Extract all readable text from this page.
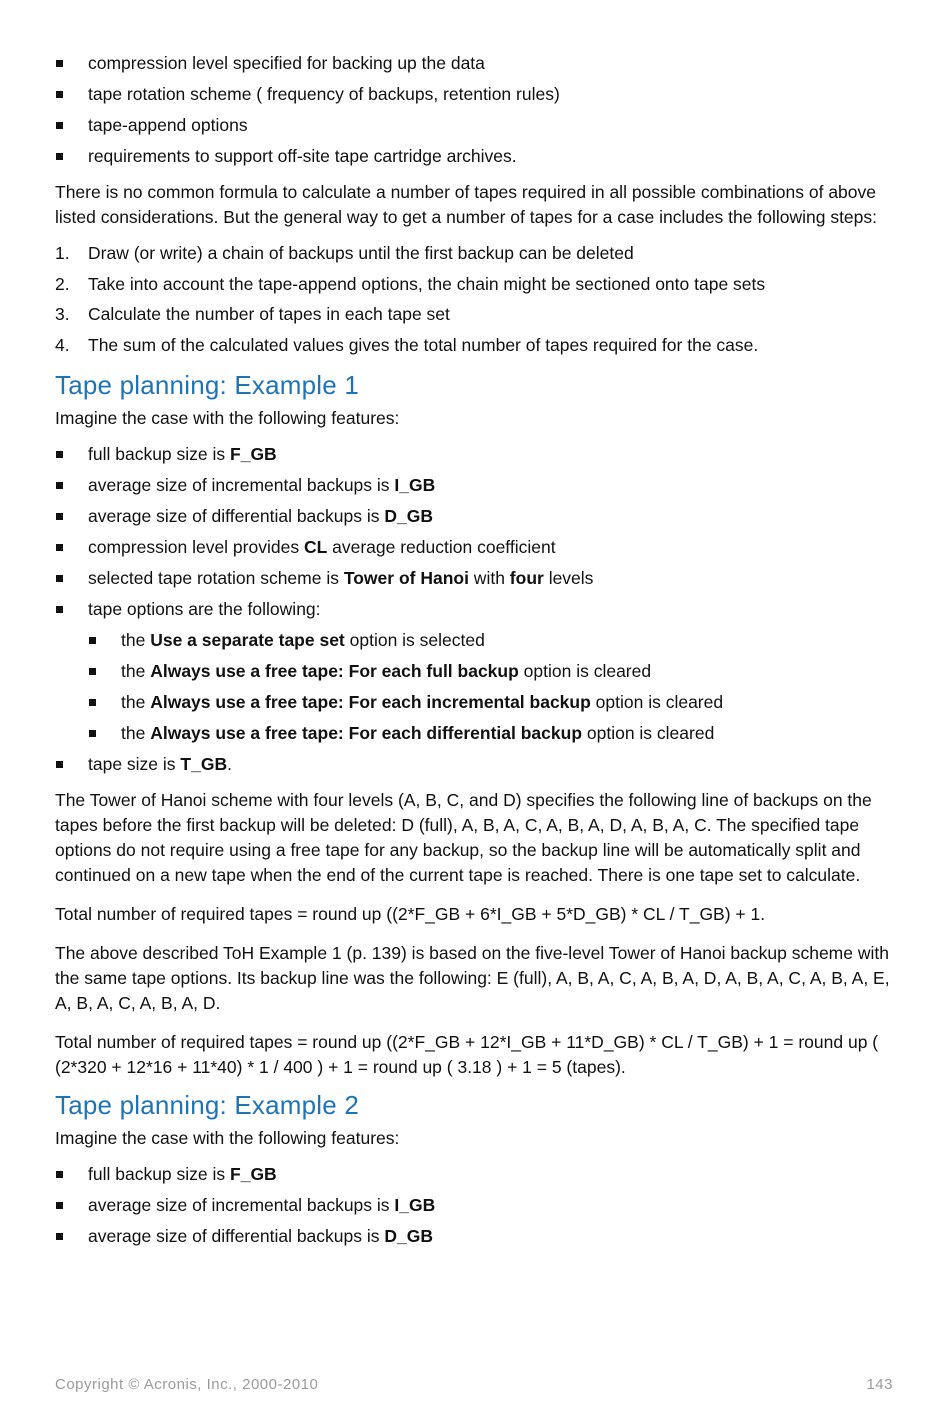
compression level specified for backing up the data
tape rotation scheme ( frequency of backups, retention rules)
tape-append options
requirements to support off-site tape cartridge archives.

There is no common formula to calculate a number of tapes required in all possible combinations of above listed considerations. But the general way to get a number of tapes for a case includes the following steps:

1. Draw (or write) a chain of backups until the first backup can be deleted
2. Take into account the tape-append options, the chain might be sectioned onto tape sets
3. Calculate the number of tapes in each tape set
4. The sum of the calculated values gives the total number of tapes required for the case.
Tape planning: Example 1

Imagine the case with the following features:

full backup size is F_GB
average size of incremental backups is I_GB
average size of differential backups is D_GB
compression level provides CL average reduction coefficient
selected tape rotation scheme is Tower of Hanoi with four levels
tape options are the following:
the Use a separate tape set option is selected
the Always use a free tape: For each full backup option is cleared
the Always use a free tape: For each incremental backup option is cleared
the Always use a free tape: For each differential backup option is cleared
tape size is T_GB.

The Tower of Hanoi scheme with four levels (A, B, C, and D) specifies the following line of backups on the tapes before the first backup will be deleted: D (full), A, B, A, C, A, B, A, D, A, B, A, C. The specified tape options do not require using a free tape for any backup, so the backup line will be automatically split and continued on a new tape when the end of the current tape is reached. There is one tape set to calculate.

Total number of required tapes = round up ((2*F_GB + 6*I_GB + 5*D_GB) * CL / T_GB) + 1.

The above described ToH Example 1 (p. 139) is based on the five-level Tower of Hanoi backup scheme with the same tape options. Its backup line was the following: E (full), A, B, A, C, A, B, A, D, A, B, A, C, A, B, A, E, A, B, A, C, A, B, A, D.

Total number of required tapes = round up ((2*F_GB + 12*I_GB + 11*D_GB) * CL / T_GB) + 1 = round up ( (2*320 + 12*16 + 11*40) * 1 / 400 ) + 1 = round up ( 3.18 ) + 1 = 5 (tapes).

Tape planning: Example 2

Imagine the case with the following features:

full backup size is F_GB
average size of incremental backups is I_GB
average size of differential backups is D_GB
Copyright © Acronis, Inc., 2000-2010	143
